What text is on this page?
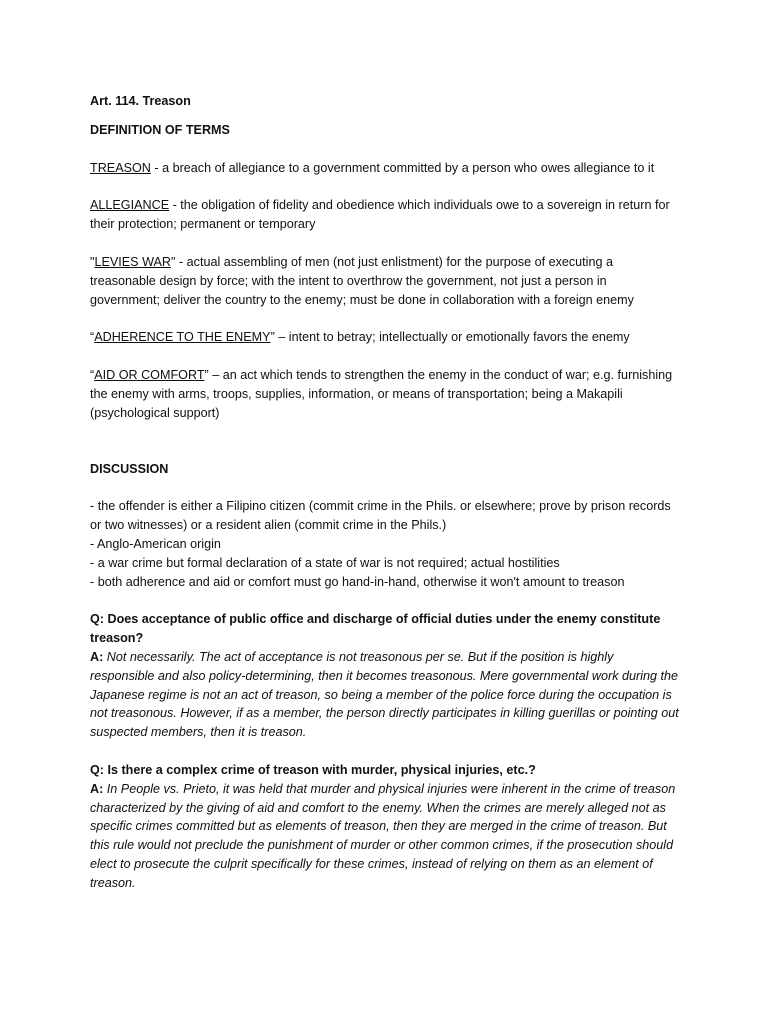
Art. 114. Treason

DEFINITION OF TERMS

TREASON - a breach of allegiance to a government committed by a person who owes allegiance to it

ALLEGIANCE - the obligation of fidelity and obedience which individuals owe to a sovereign in return for their protection; permanent or temporary

"LEVIES WAR" - actual assembling of men (not just enlistment) for the purpose of executing a treasonable design by force; with the intent to overthrow the government, not just a person in government; deliver the country to the enemy; must be done in collaboration with a foreign enemy

“ADHERENCE TO THE ENEMY” – intent to betray; intellectually or emotionally favors the enemy

“AID OR COMFORT” – an act which tends to strengthen the enemy in the conduct of war; e.g. furnishing the enemy with arms, troops, supplies, information, or means of transportation; being a Makapili (psychological support)

DISCUSSION

- the offender is either a Filipino citizen (commit crime in the Phils. or elsewhere; prove by prison records or two witnesses) or a resident alien (commit crime in the Phils.)

- Anglo-American origin

- a war crime but formal declaration of a state of war is not required; actual hostilities

- both adherence and aid or comfort must go hand-in-hand, otherwise it won't amount to treason

Q: Does acceptance of public office and discharge of official duties under the enemy constitute treason?

A: Not necessarily. The act of acceptance is not treasonous per se. But if the position is highly responsible and also policy-determining, then it becomes treasonous. Mere governmental work during the Japanese regime is not an act of treason, so being a member of the police force during the occupation is not treasonous. However, if as a member, the person directly participates in killing guerillas or pointing out suspected members, then it is treason.

Q: Is there a complex crime of treason with murder, physical injuries, etc.?

A: In People vs. Prieto, it was held that murder and physical injuries were inherent in the crime of treason characterized by the giving of aid and comfort to the enemy. When the crimes are merely alleged not as specific crimes committed but as elements of treason, then they are merged in the crime of treason. But this rule would not preclude the punishment of murder or other common crimes, if the prosecution should elect to prosecute the culprit specifically for these crimes, instead of relying on them as an element of treason.
